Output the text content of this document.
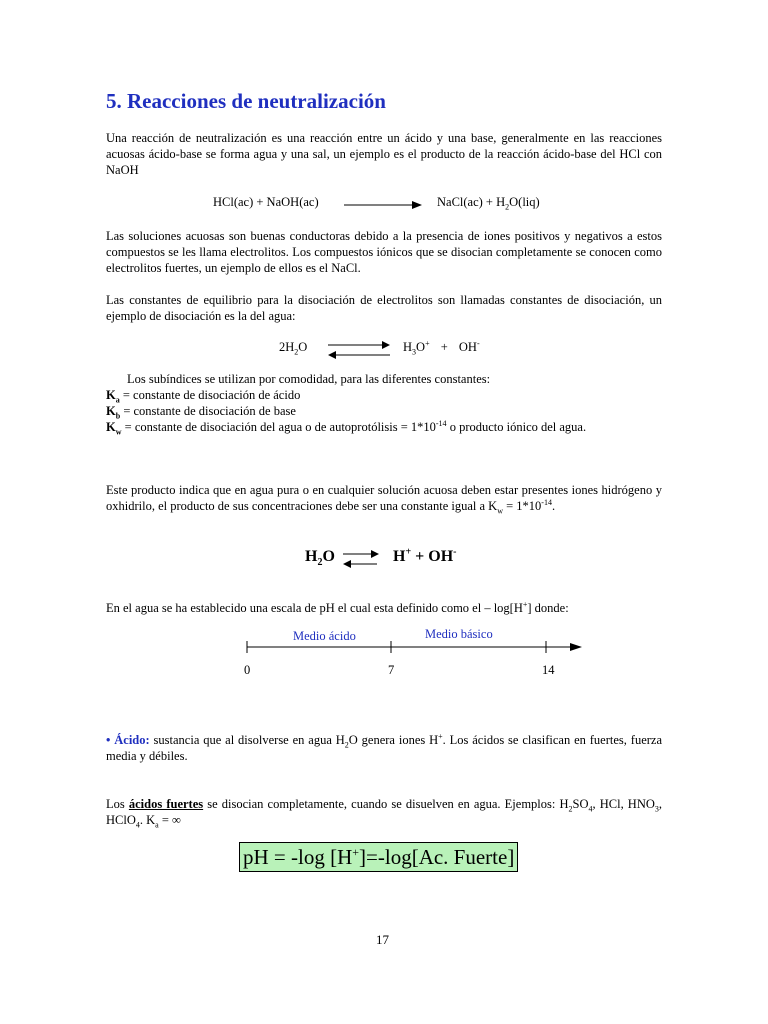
5. Reacciones de neutralización

Una reacción de neutralización es una reacción entre un ácido y una base, generalmente en las reacciones acuosas ácido-base se forma agua y una sal, un ejemplo es el producto de la reacción ácido-base del HCl con NaOH

HCl(ac) + NaOH(ac)	NaCl(ac) + $H_2O(liq)$

Las soluciones acuosas son buenas conductoras debido a la presencia de iones positivos y negativos a estos compuestos se les llama electrolitos. Los compuestos iónicos que se disocian completamente se conocen como electrolitos fuertes, un ejemplo de ellos es el NaCl.

Las constantes de equilibrio para la disociación de electrolitos son llamadas constantes de disociación, un ejemplo de disociación es la del agua:

$2H_2O$	$H_3O^+ + OH^-$
Los subíndices se utilizan por comodidad, para las diferentes constantes:
$K_a$ = constante de disociación de ácido
$K_b$ = constante de disociación de base
$K_w$ = constante de disociación del agua o de autoprotólisis = $1*10^{-14}$ o producto iónico del agua.

Este producto indica que en agua pura o en cualquier solución acuosa deben estar presentes iones hidrógeno y oxhidrilo, el producto de sus concentraciones debe ser una constante igual a $K_w = 1*10^{-14}$.

$H_2O$	H+ + OH-
En el agua se ha establecido una escala de pH el cual esta definido como el – log[H+] donde:
Medio ácido	Medio básico
0	7	14

• Ácido: sustancia que al disolverse en agua $H_2O$ genera iones H+. Los ácidos se clasifican en fuertes, fuerza media y débiles.

Los ácidos fuertes se disocian completamente, cuando se disuelven en agua. Ejemplos: $H_2SO_4$, HCl, $HNO_3$, HClO$_4$. $K_a$ = ∞

pH = -log [H+]=-log[Ac. Fuerte]
17
